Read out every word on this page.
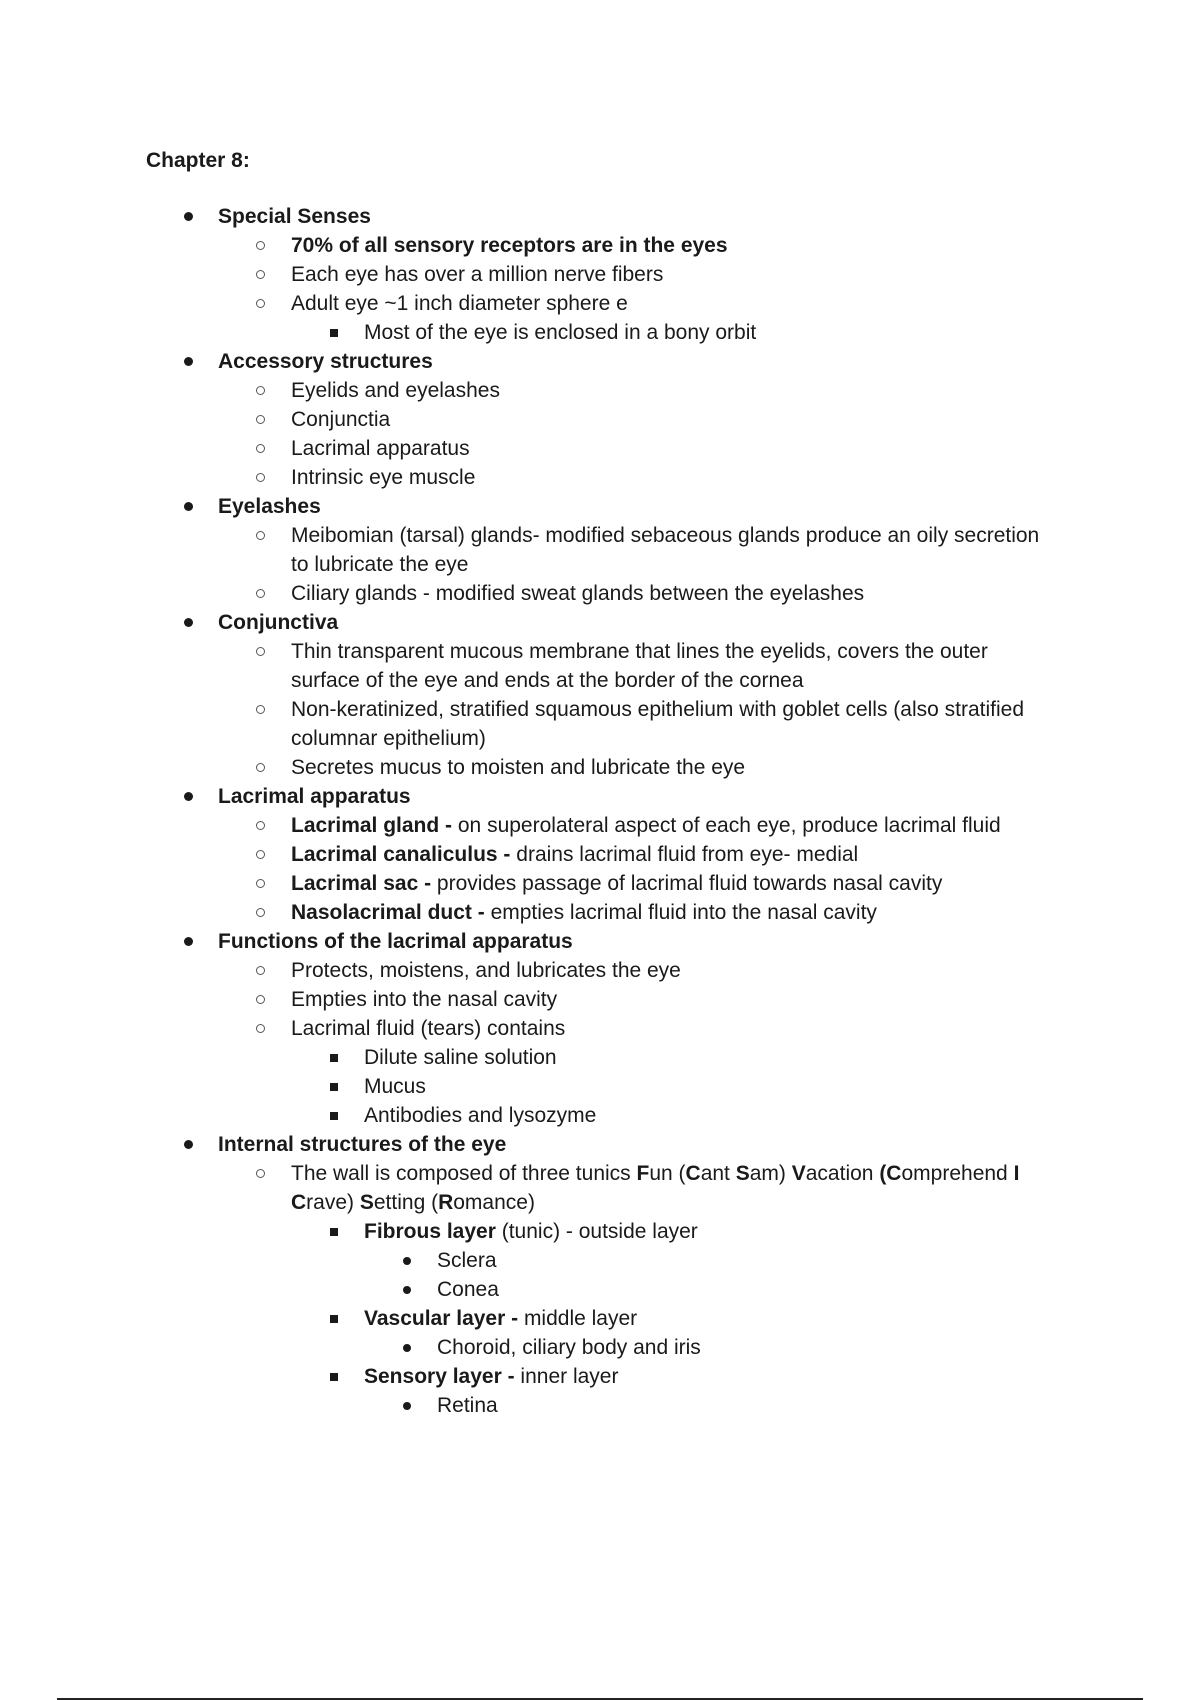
Chapter 8:
Special Senses
70% of all sensory receptors are in the eyes
Each eye has over a million nerve fibers
Adult eye ~1 inch diameter sphere e
Most of the eye is enclosed in a bony orbit
Accessory structures
Eyelids and eyelashes
Conjunctia
Lacrimal apparatus
Intrinsic eye muscle
Eyelashes
Meibomian (tarsal) glands- modified sebaceous glands produce an oily secretion
to lubricate the eye
Ciliary glands - modified sweat glands between the eyelashes
Conjunctiva
Thin transparent mucous membrane that lines the eyelids, covers the outer
surface of the eye and ends at the border of the cornea
Non-keratinized, stratified squamous epithelium with goblet cells (also stratified
columnar epithelium)
Secretes mucus to moisten and lubricate the eye
Lacrimal apparatus
Lacrimal gland - on superolateral aspect of each eye, produce lacrimal fluid
Lacrimal canaliculus - drains lacrimal fluid from eye- medial
Lacrimal sac - provides passage of lacrimal fluid towards nasal cavity
Nasolacrimal duct - empties lacrimal fluid into the nasal cavity
Functions of the lacrimal apparatus
Protects, moistens, and lubricates the eye
Empties into the nasal cavity
Lacrimal fluid (tears) contains
Dilute saline solution
Mucus
Antibodies and lysozyme
Internal structures of the eye
The wall is composed of three tunics Fun (Cant Sam) Vacation (Comprehend I
Crave) Setting (Romance)
Fibrous layer (tunic) - outside layer
Sclera
Conea
Vascular layer - middle layer
Choroid, ciliary body and iris
Sensory layer - inner layer
Retina
